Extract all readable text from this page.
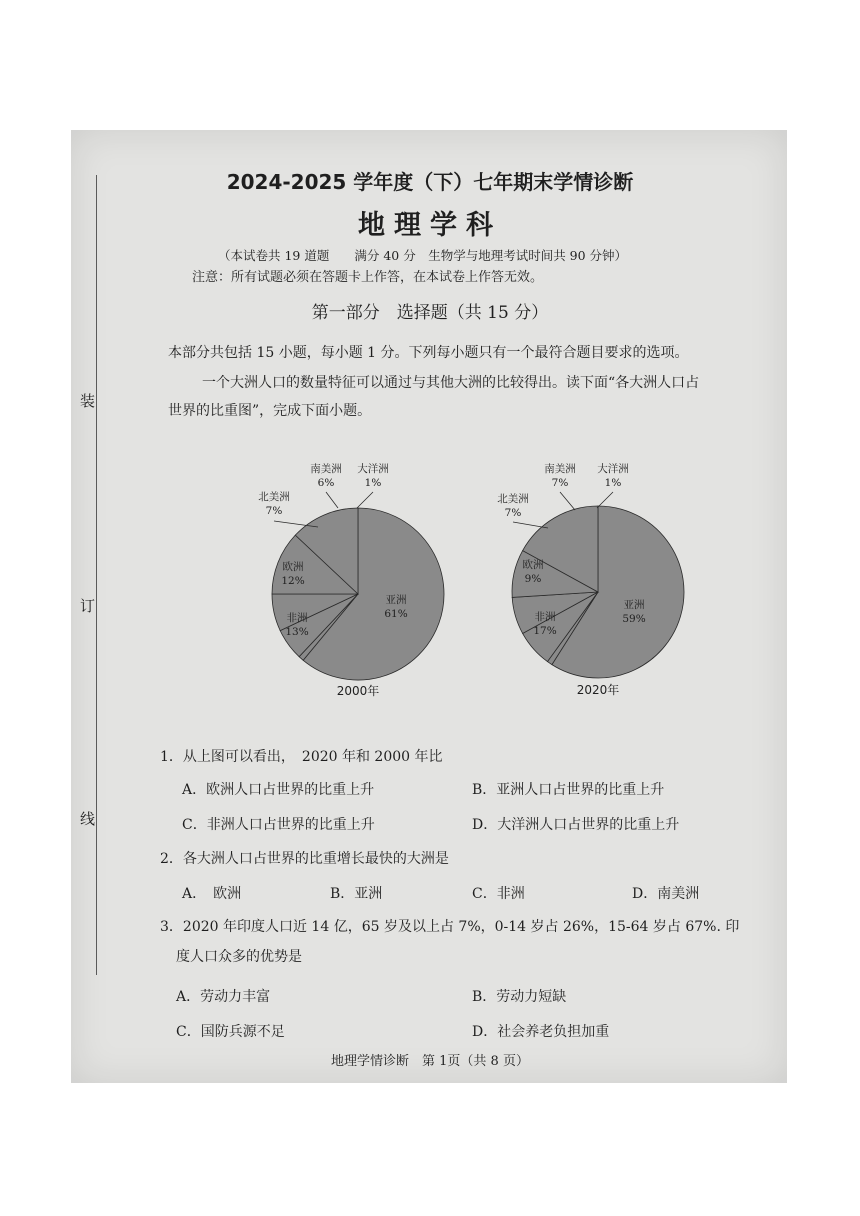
装
订
线
2024-2025 学年度（下）七年期末学情诊断
地理学科
（本试卷共 19 道题　　满分 40 分　生物学与地理考试时间共 90 分钟）
注意：所有试题必须在答题卡上作答，在本试卷上作答无效。
第一部分　选择题（共 15 分）
本部分共包括 15 小题，每小题 1 分。下列每小题只有一个最符合题目要求的选项。
一个大洲人口的数量特征可以通过与其他大洲的比较得出。读下面“各大洲人口占
世界的比重图”，完成下面小题。
亚洲
61%
非洲
13%
欧洲
12%
北美洲
7%
南美洲
6%
大洋洲
1%
2000年
亚洲
59%
非洲
17%
欧洲
9%
北美洲
7%
南美洲
7%
大洋洲
1%
2020年
1．从上图可以看出，　2020 年和 2000 年比
A．欧洲人口占世界的比重上升	B．亚洲人口占世界的比重上升
C．非洲人口占世界的比重上升	D．大洋洲人口占世界的比重上升
2．各大洲人口占世界的比重增长最快的大洲是
A．　欧洲	B．亚洲	C．非洲	D．南美洲
3．2020 年印度人口近 14 亿，65 岁及以上占 7%，0-14 岁占 26%，15-64 岁占 67%. 印
度人口众多的优势是
A．劳动力丰富	B．劳动力短缺
C．国防兵源不足	D．社会养老负担加重
地理学情诊断　第 1页（共 8 页）
